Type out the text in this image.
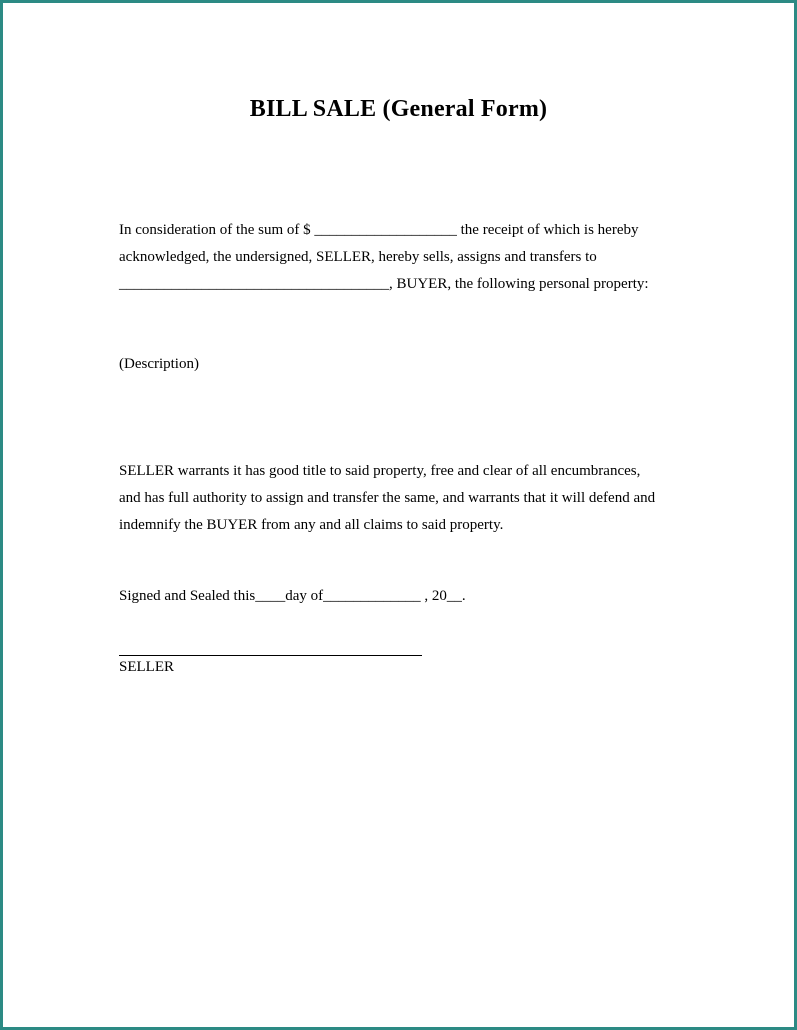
BILL SALE (General Form)
In consideration of the sum of $ ___________________ the receipt of which is hereby
acknowledged, the undersigned, SELLER, hereby sells, assigns and transfers to
____________________________________, BUYER, the following personal property:
(Description)
SELLER warrants it has good title to said property, free and clear of all encumbrances,
and has full authority to assign and transfer the same, and warrants that it will defend and
indemnify the BUYER from any and all claims to said property.
Signed and Sealed this____day of_____________ , 20__.
SELLER
